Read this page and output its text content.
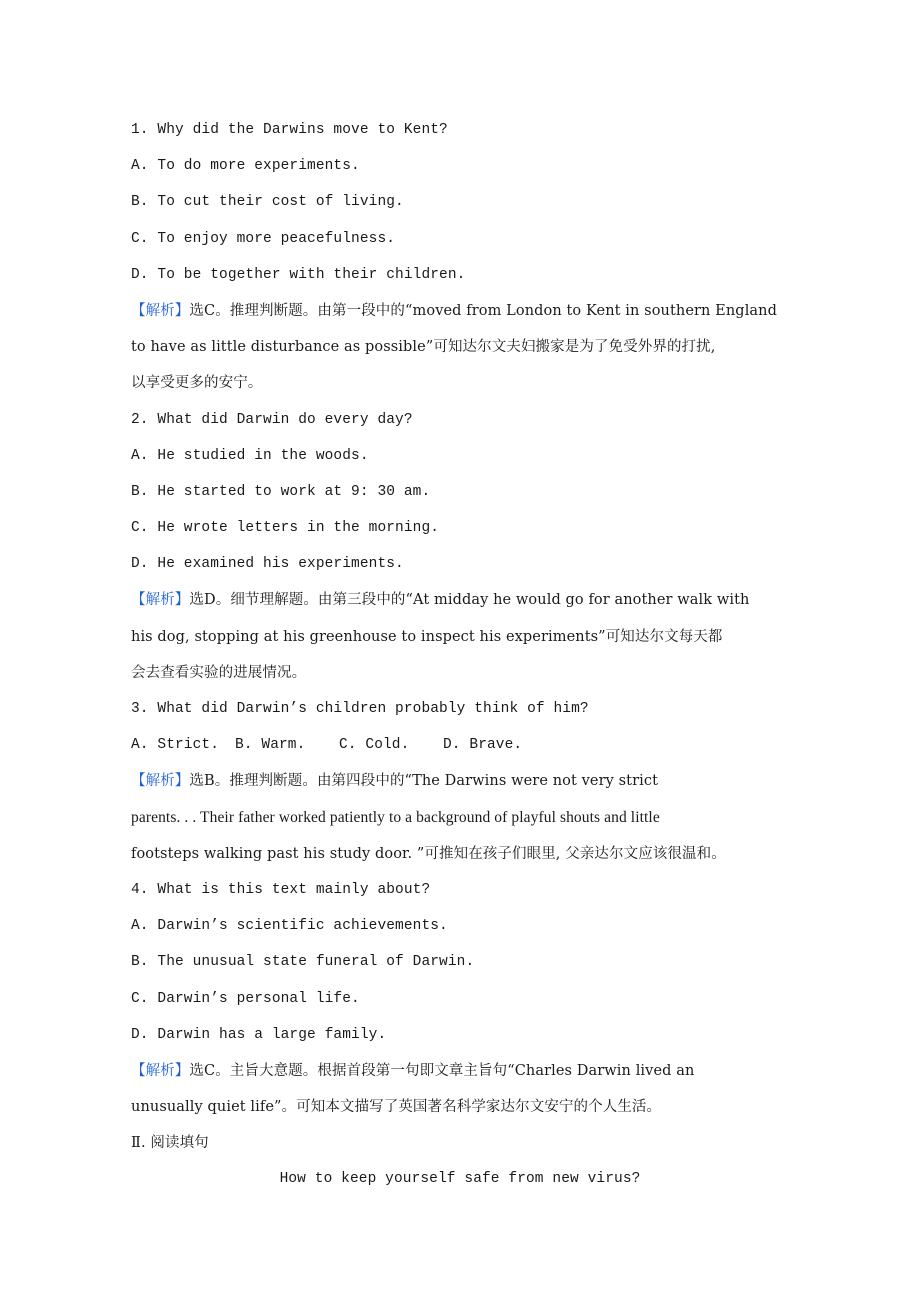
1. Why did the Darwins move to Kent?
A. To do more experiments.
B. To cut their cost of living.
C. To enjoy more peacefulness.
D. To be together with their children.
【解析】选C。推理判断题。由第一段中的“moved from London to Kent in southern England
to have as little disturbance as possible”可知达尔文夫妇搬家是为了免受外界的打扰,
以享受更多的安宁。
2. What did Darwin do every day?
A. He studied in the woods.
B. He started to work at 9: 30 am.
C. He wrote letters in the morning.
D. He examined his experiments.
【解析】选D。细节理解题。由第三段中的“At midday he would go for another walk with
his dog, stopping at his greenhouse to inspect his experiments”可知达尔文每天都
会去查看实验的进展情况。
3. What did Darwin’s children probably think of him?
A. Strict. B. Warm. C. Cold. D. Brave.
【解析】选B。推理判断题。由第四段中的“The Darwins were not very strict
parents. . . Their father worked patiently to a background of playful shouts and little
footsteps walking past his study door. ”可推知在孩子们眼里, 父亲达尔文应该很温和。
4. What is this text mainly about?
A. Darwin’s scientific achievements.
B. The unusual state funeral of Darwin.
C. Darwin’s personal life.
D. Darwin has a large family.
【解析】选C。主旨大意题。根据首段第一句即文章主旨句“Charles Darwin lived an
unusually quiet life”。可知本文描写了英国著名科学家达尔文安宁的个人生活。
Ⅱ. 阅读填句
How to keep yourself safe from new virus?
